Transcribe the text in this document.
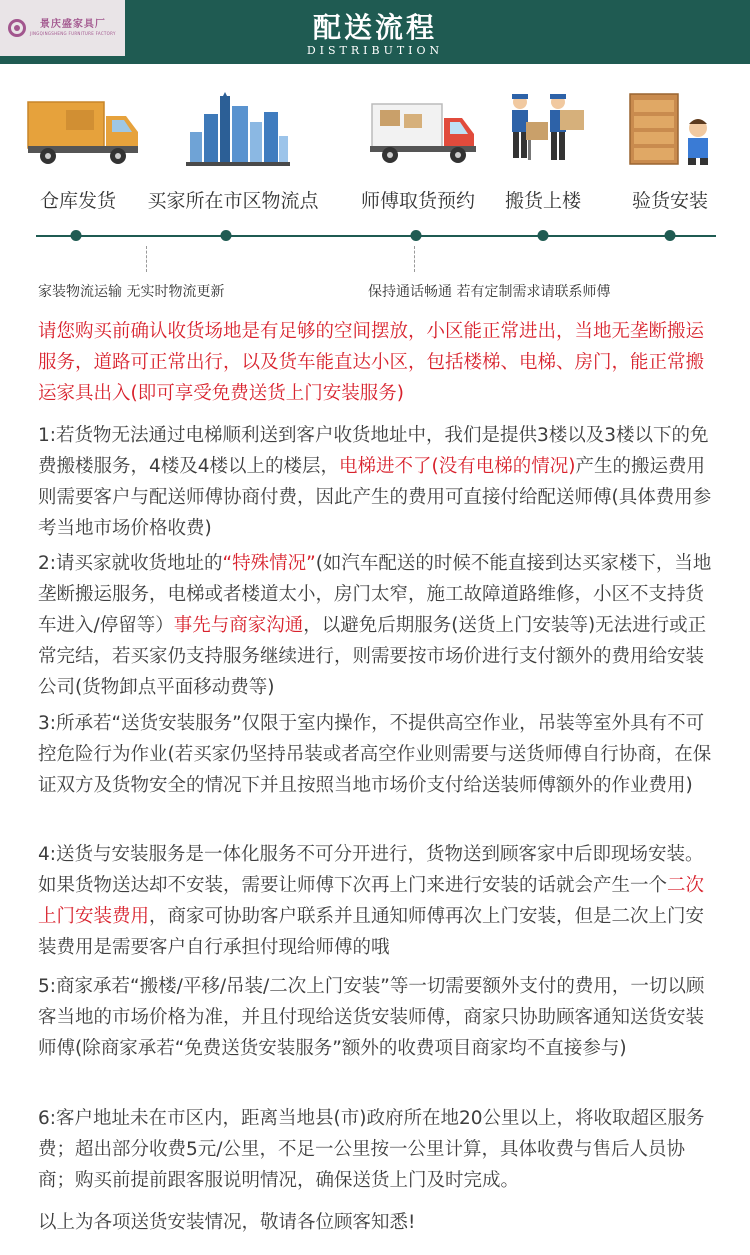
景庆盛家具厂
JINGQINGSHENG FURNITURE FACTORY	配送流程
DISTRIBUTION
仓库发货 买家所在市区物流点 师傅取货预约 搬货上楼	验货安装
家装物流运输 无实时物流更新	保持通话畅通 若有定制需求请联系师傅
请您购买前确认收货场地是有足够的空间摆放，小区能正常进出，当地无垄断搬运服务，道路可正常出行，以及货车能直达小区，包括楼梯、电梯、房门，能正常搬运家具出入(即可享受免费送货上门安装服务)
1:若货物无法通过电梯顺利送到客户收货地址中，我们是提供3楼以及3楼以下的免费搬楼服务，4楼及4楼以上的楼层，电梯进不了(没有电梯的情况)产生的搬运费用则需要客户与配送师傅协商付费，因此产生的费用可直接付给配送师傅(具体费用参考当地市场价格收费)
2:请买家就收货地址的“特殊情况”(如汽车配送的时候不能直接到达买家楼下，当地垄断搬运服务，电梯或者楼道太小，房门太窄，施工故障道路维修，小区不支持货车进入/停留等）事先与商家沟通，以避免后期服务(送货上门安装等)无法进行或正常完结，若买家仍支持服务继续进行，则需要按市场价进行支付额外的费用给安装公司(货物卸点平面移动费等)
3:所承若“送货安装服务”仅限于室内操作，不提供高空作业，吊装等室外具有不可控危险行为作业(若买家仍坚持吊装或者高空作业则需要与送货师傅自行协商，在保证双方及货物安全的情况下并且按照当地市场价支付给送装师傅额外的作业费用)
4:送货与安装服务是一体化服务不可分开进行，货物送到顾客家中后即现场安装。如果货物送达却不安装，需要让师傅下次再上门来进行安装的话就会产生一个二次上门安装费用，商家可协助客户联系并且通知师傅再次上门安装，但是二次上门安装费用是需要客户自行承担付现给师傅的哦
5:商家承若“搬楼/平移/吊装/二次上门安装”等一切需要额外支付的费用，一切以顾客当地的市场价格为准，并且付现给送货安装师傅，商家只协助顾客通知送货安装师傅(除商家承若“免费送货安装服务”额外的收费项目商家均不直接参与)
6:客户地址未在市区内，距离当地县(市)政府所在地20公里以上，将收取超区服务费；超出部分收费5元/公里，不足一公里按一公里计算，具体收费与售后人员协商；购买前提前跟客服说明情况，确保送货上门及时完成。
以上为各项送货安装情况，敬请各位顾客知悉!
